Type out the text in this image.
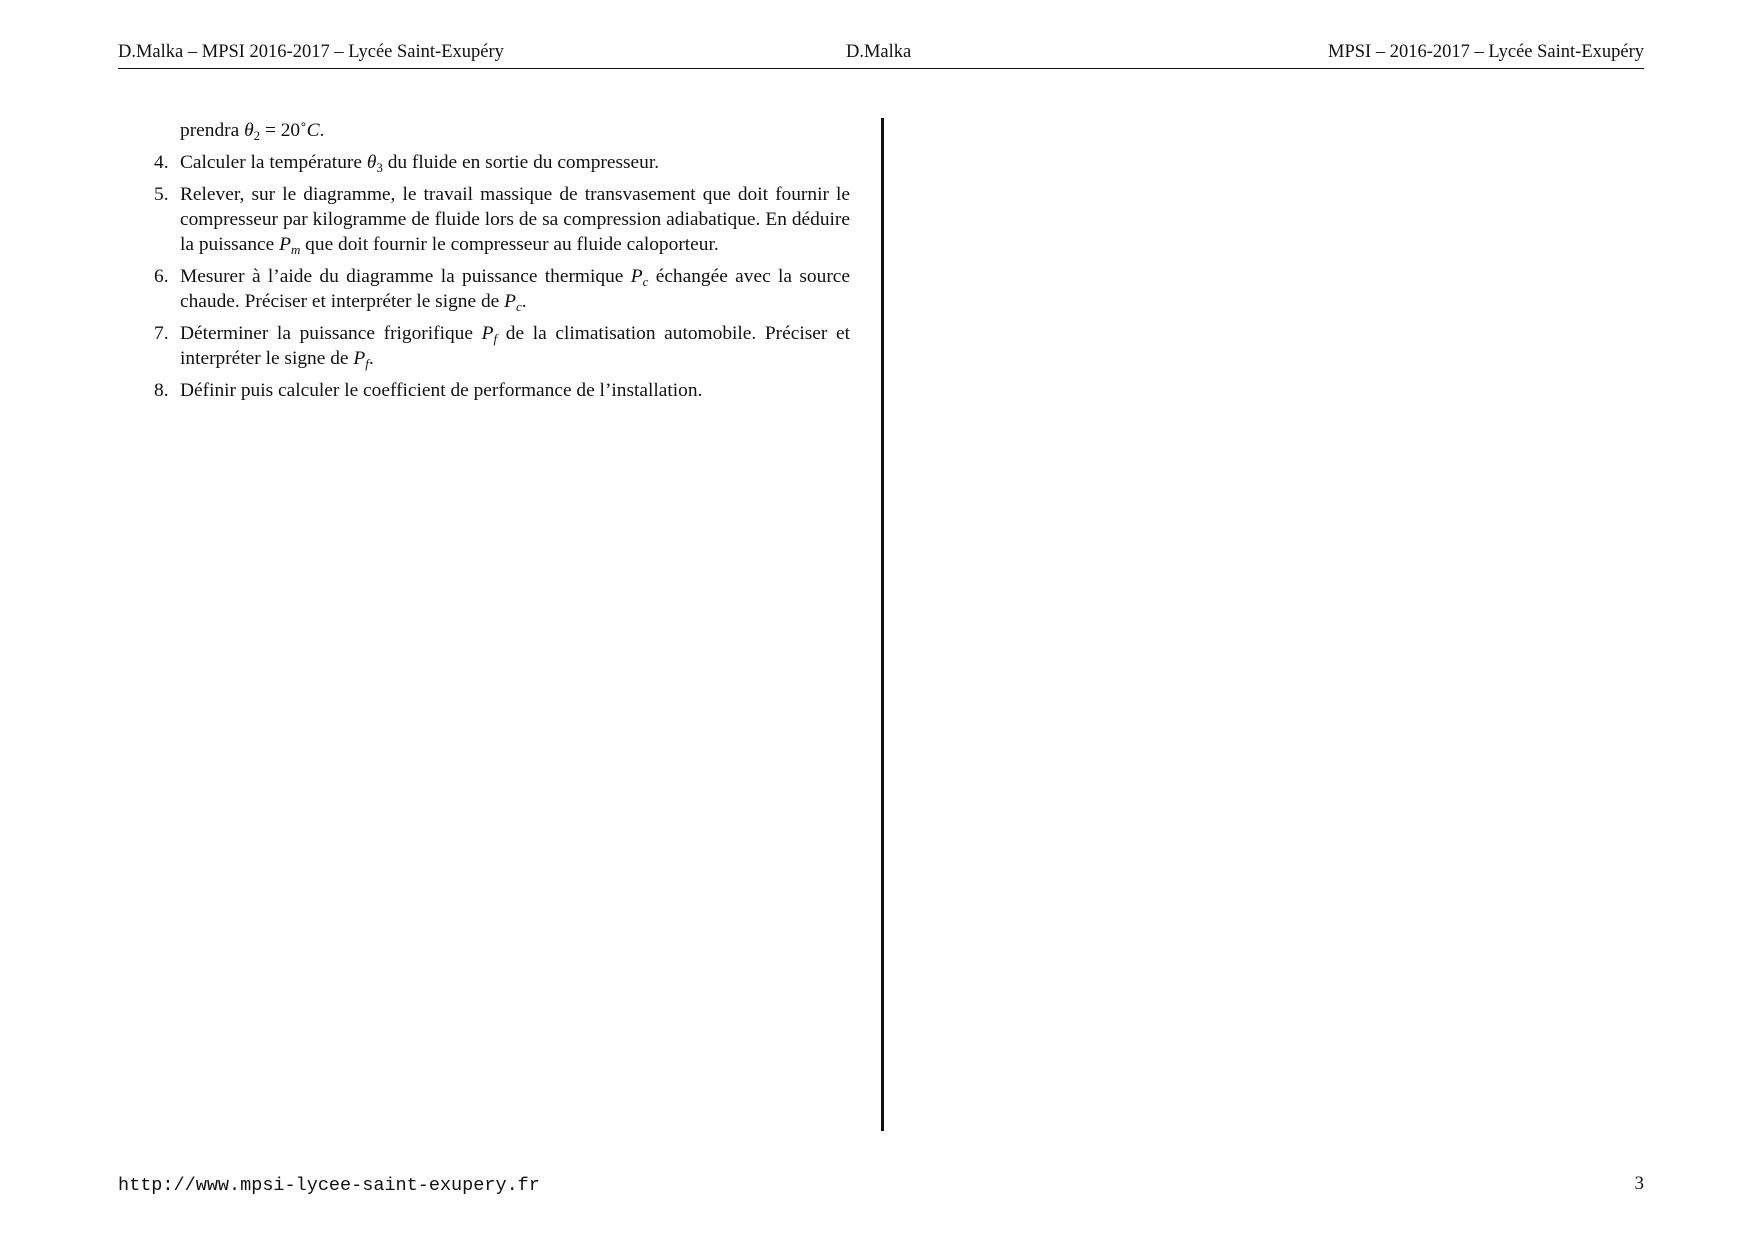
D.Malka – MPSI 2016-2017 – Lycée Saint-Exupéry	D.Malka	MPSI – 2016-2017 – Lycée Saint-Exupéry
prendra $\theta_2$ = 20˚C.
4. Calculer la température $\theta_3$ du fluide en sortie du compresseur.
5. Relever, sur le diagramme, le travail massique de transvasement que doit fournir le compresseur par kilogramme de fluide lors de sa compression adiabatique. En déduire la puissance $P_m$ que doit fournir le compresseur au fluide caloporteur.
6. Mesurer à l’aide du diagramme la puissance thermique $P_c$ échangée avec la source chaude. Préciser et interpréter le signe de $P_c$.
7. Déterminer la puissance frigorifique $P_f$ de la climatisation automobile. Préciser et interpréter le signe de $P_f$.
8. Définir puis calculer le coefficient de performance de l’installation.
http://www.mpsi-lycee-saint-exupery.fr	3
